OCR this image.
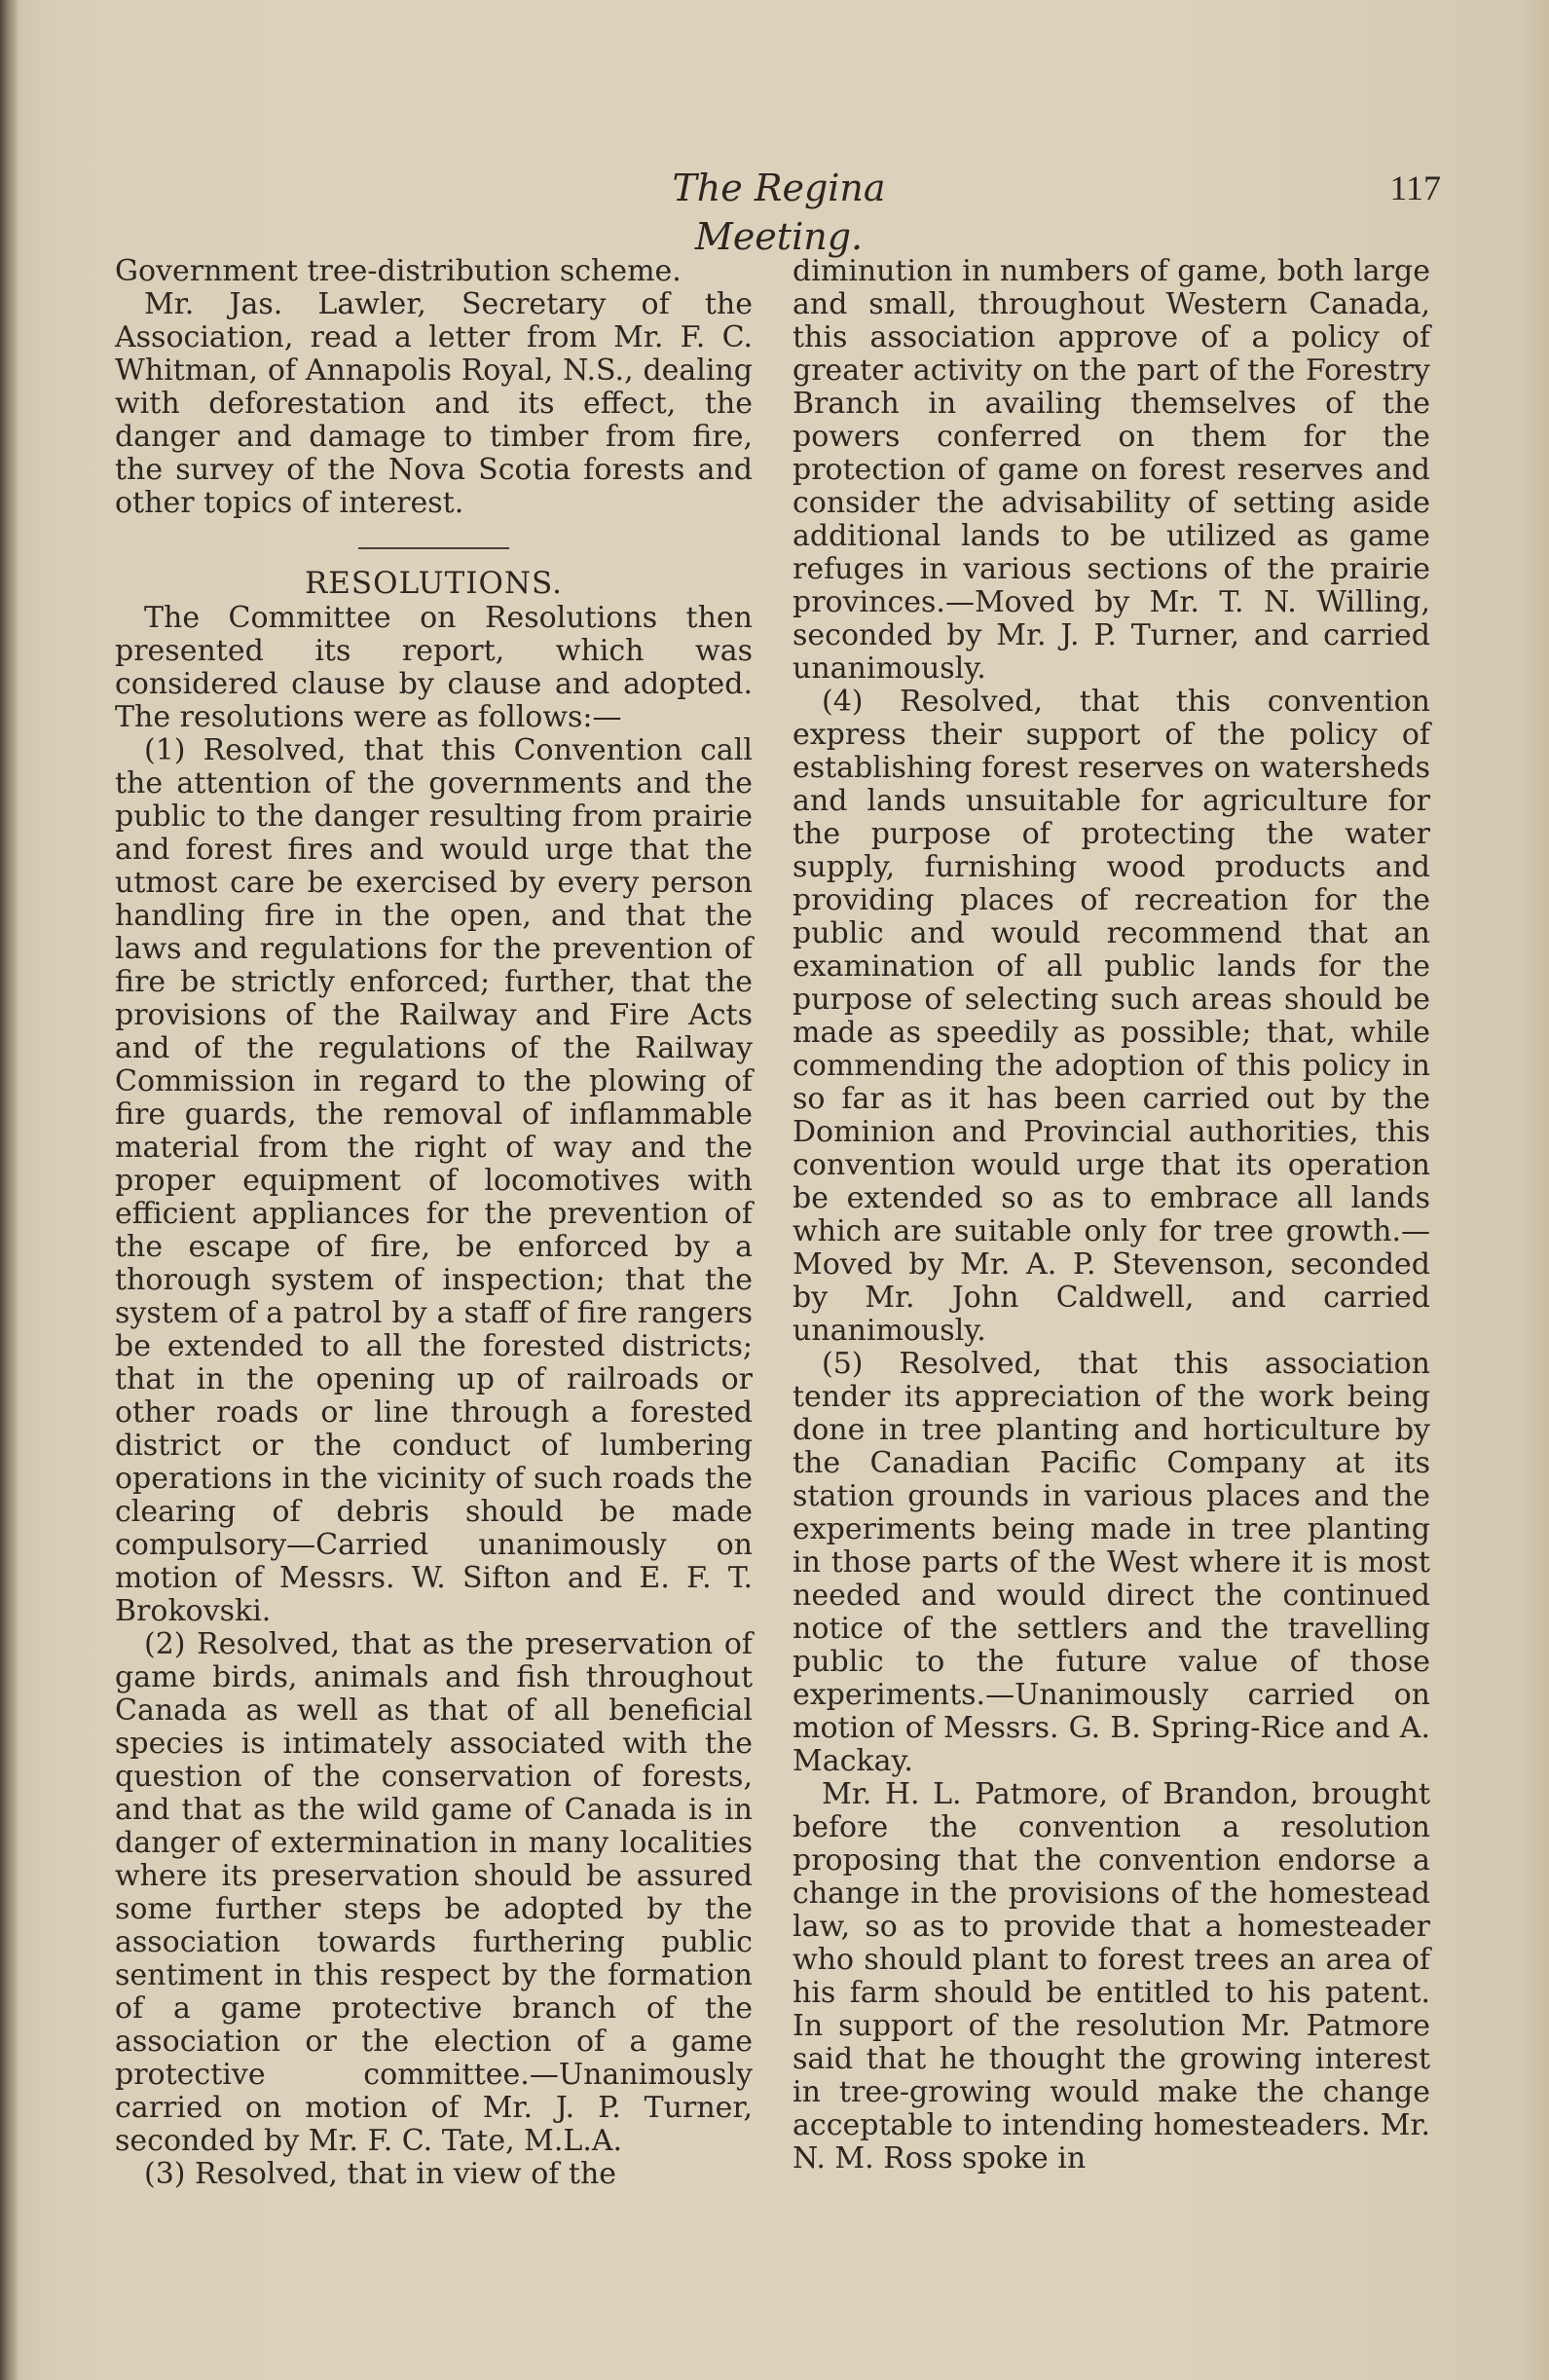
The Regina Meeting.
117

Government tree-distribution scheme.

Mr. Jas. Lawler, Secretary of the Association, read a letter from Mr. F. C. Whitman, of Annapolis Royal, N.S., dealing with deforestation and its effect, the danger and damage to timber from fire, the survey of the Nova Scotia forests and other topics of interest.

RESOLUTIONS.

The Committee on Resolutions then presented its report, which was considered clause by clause and adopted. The resolutions were as follows:—

(1) Resolved, that this Convention call the attention of the governments and the public to the danger resulting from prairie and forest fires and would urge that the utmost care be exercised by every person handling fire in the open, and that the laws and regulations for the prevention of fire be strictly enforced; further, that the provisions of the Railway and Fire Acts and of the regulations of the Railway Commission in regard to the plowing of fire guards, the removal of inflammable material from the right of way and the proper equipment of locomotives with efficient appliances for the prevention of the escape of fire, be enforced by a thorough system of inspection; that the system of a patrol by a staff of fire rangers be extended to all the forested districts; that in the opening up of railroads or other roads or line through a forested district or the conduct of lumbering operations in the vicinity of such roads the clearing of debris should be made compulsory—Carried unanimously on motion of Messrs. W. Sifton and E. F. T. Brokovski.

(2) Resolved, that as the preservation of game birds, animals and fish throughout Canada as well as that of all beneficial species is intimately associated with the question of the conservation of forests, and that as the wild game of Canada is in danger of extermination in many localities where its preservation should be assured some further steps be adopted by the association towards furthering public sentiment in this respect by the formation of a game protective branch of the association or the election of a game protective committee.—Unanimously carried on motion of Mr. J. P. Turner, seconded by Mr. F. C. Tate, M.L.A.

(3) Resolved, that in view of the

diminution in numbers of game, both large and small, throughout Western Canada, this association approve of a policy of greater activity on the part of the Forestry Branch in availing themselves of the powers conferred on them for the protection of game on forest reserves and consider the advisability of setting aside additional lands to be utilized as game refuges in various sections of the prairie provinces.—Moved by Mr. T. N. Willing, seconded by Mr. J. P. Turner, and carried unanimously.

(4) Resolved, that this convention express their support of the policy of establishing forest reserves on watersheds and lands unsuitable for agriculture for the purpose of protecting the water supply, furnishing wood products and providing places of recreation for the public and would recommend that an examination of all public lands for the purpose of selecting such areas should be made as speedily as possible; that, while commending the adoption of this policy in so far as it has been carried out by the Dominion and Provincial authorities, this convention would urge that its operation be extended so as to embrace all lands which are suitable only for tree growth.—Moved by Mr. A. P. Stevenson, seconded by Mr. John Caldwell, and carried unanimously.

(5) Resolved, that this association tender its appreciation of the work being done in tree planting and horticulture by the Canadian Pacific Company at its station grounds in various places and the experiments being made in tree planting in those parts of the West where it is most needed and would direct the continued notice of the settlers and the travelling public to the future value of those experiments.—Unanimously carried on motion of Messrs. G. B. Spring-Rice and A. Mackay.

Mr. H. L. Patmore, of Brandon, brought before the convention a resolution proposing that the convention endorse a change in the provisions of the homestead law, so as to provide that a homesteader who should plant to forest trees an area of his farm should be entitled to his patent. In support of the resolution Mr. Patmore said that he thought the growing interest in tree-growing would make the change acceptable to intending homesteaders. Mr. N. M. Ross spoke in
